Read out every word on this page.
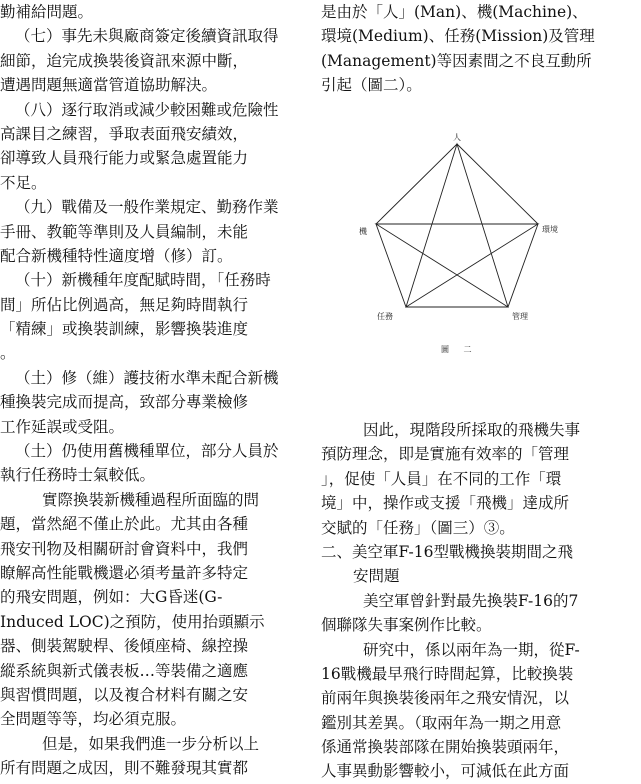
勤補給問題。
（七）事先未與廠商簽定後續資訊取得
細節，迨完成換裝後資訊來源中斷，
遭遇問題無適當管道協助解決。
（八）逐行取消或減少較困難或危險性
高課目之練習，爭取表面飛安績效，
卻導致人員飛行能力或緊急處置能力
不足。
（九）戰備及一般作業規定、勤務作業
手冊、教範等準則及人員編制，未能
配合新機種特性適度增（修）訂。
（十）新機種年度配賦時間，「任務時
間」所佔比例過高，無足夠時間執行
「精練」或換裝訓練，影響換裝進度
。
（土）修（維）護技術水準未配合新機
種換裝完成而提高，致部分專業檢修
工作延誤或受阻。
（土）仍使用舊機種單位，部分人員於
執行任務時士氣較低。
實際換裝新機種過程所面臨的問
題，當然絕不僅止於此。尤其由各種
飛安刊物及相關研討會資料中，我們
瞭解高性能戰機還必須考量許多特定
的飛安問題，例如：大G昏迷(G-
Induced LOC)之預防，使用抬頭顯示
器、側裝駕駛桿、後傾座椅、線控操
縱系統與新式儀表板…等裝備之適應
與習慣問題，以及複合材料有關之安
全問題等等，均必須克服。
但是，如果我們進一步分析以上
所有問題之成因，則不難發現其實都
是由於「人」(Man)、機(Machine)、
環境(Medium)、任務(Mission)及管理
(Management)等因素間之不良互動所
引起（圖二）。
人
機	環境
任務	管理
圖 二
因此，現階段所採取的飛機失事
預防理念，即是實施有效率的「管理
」，促使「人員」在不同的工作「環
境」中，操作或支援「飛機」達成所
交賦的「任務」（圖三）③。
二、美空軍F-16型戰機換裝期間之飛
安問題
美空軍曾針對最先換裝F-16的7
個聯隊失事案例作比較。
研究中，係以兩年為一期，從F-
16戰機最早飛行時間起算，比較換裝
前兩年與換裝後兩年之飛安情況，以
鑑別其差異。（取兩年為一期之用意
係通常換裝部隊在開始換裝頭兩年，
人事異動影響較小，可減低在此方面
